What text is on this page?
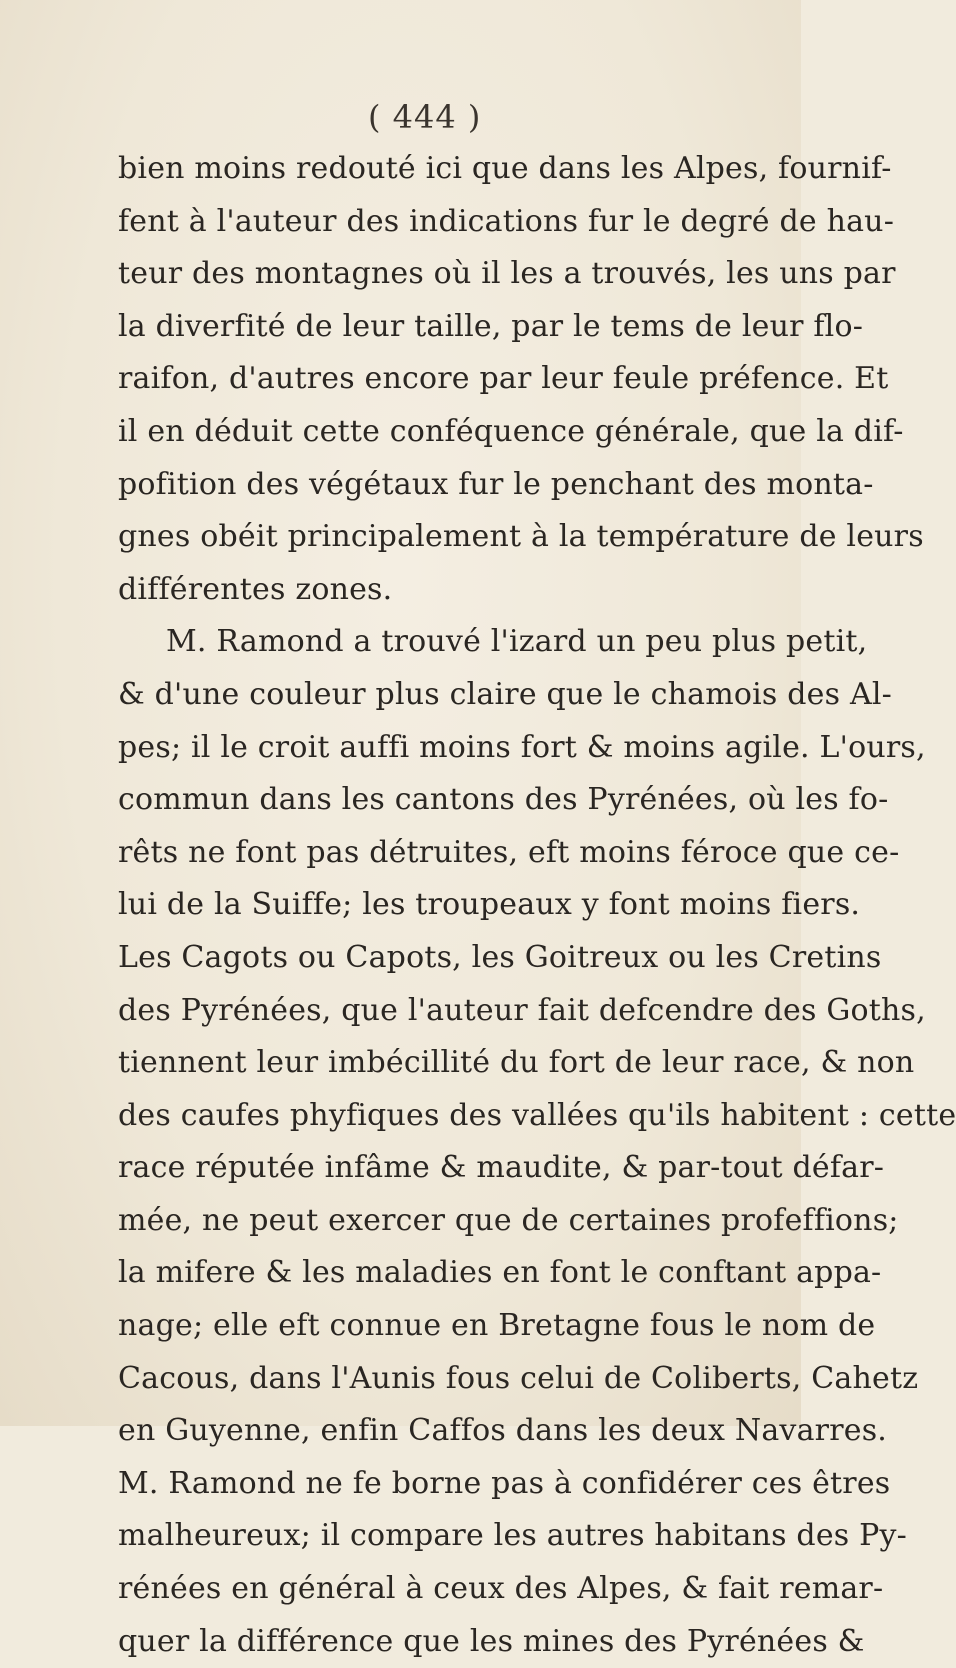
( 444 )
bien moins redouté ici que dans les Alpes, fournif-
fent à l'auteur des indications fur le degré de hau-
teur des montagnes où il les a trouvés, les uns par
la diverfité de leur taille, par le tems de leur flo-
raifon, d'autres encore par leur feule préfence. Et
il en déduit cette conféquence générale, que la dif-
pofition des végétaux fur le penchant des monta-
gnes obéit principalement à la température de leurs
différentes zones.
M. Ramond a trouvé l'izard un peu plus petit,
& d'une couleur plus claire que le chamois des Al-
pes; il le croit auffi moins fort & moins agile. L'ours,
commun dans les cantons des Pyrénées, où les fo-
rêts ne font pas détruites, eft moins féroce que ce-
lui de la Suiffe; les troupeaux y font moins fiers.
Les Cagots ou Capots, les Goitreux ou les Cretins
des Pyrénées, que l'auteur fait defcendre des Goths,
tiennent leur imbécillité du fort de leur race, & non
des caufes phyfiques des vallées qu'ils habitent : cette
race réputée infâme & maudite, & par-tout défar-
mée, ne peut exercer que de certaines profeffions;
la mifere & les maladies en font le conftant appa-
nage; elle eft connue en Bretagne fous le nom de
Cacous, dans l'Aunis fous celui de Coliberts, Cahetz
en Guyenne, enfin Caffos dans les deux Navarres.
M. Ramond ne fe borne pas à confidérer ces êtres
malheureux; il compare les autres habitans des Py-
rénées en général à ceux des Alpes, & fait remar-
quer la différence que les mines des Pyrénées &
